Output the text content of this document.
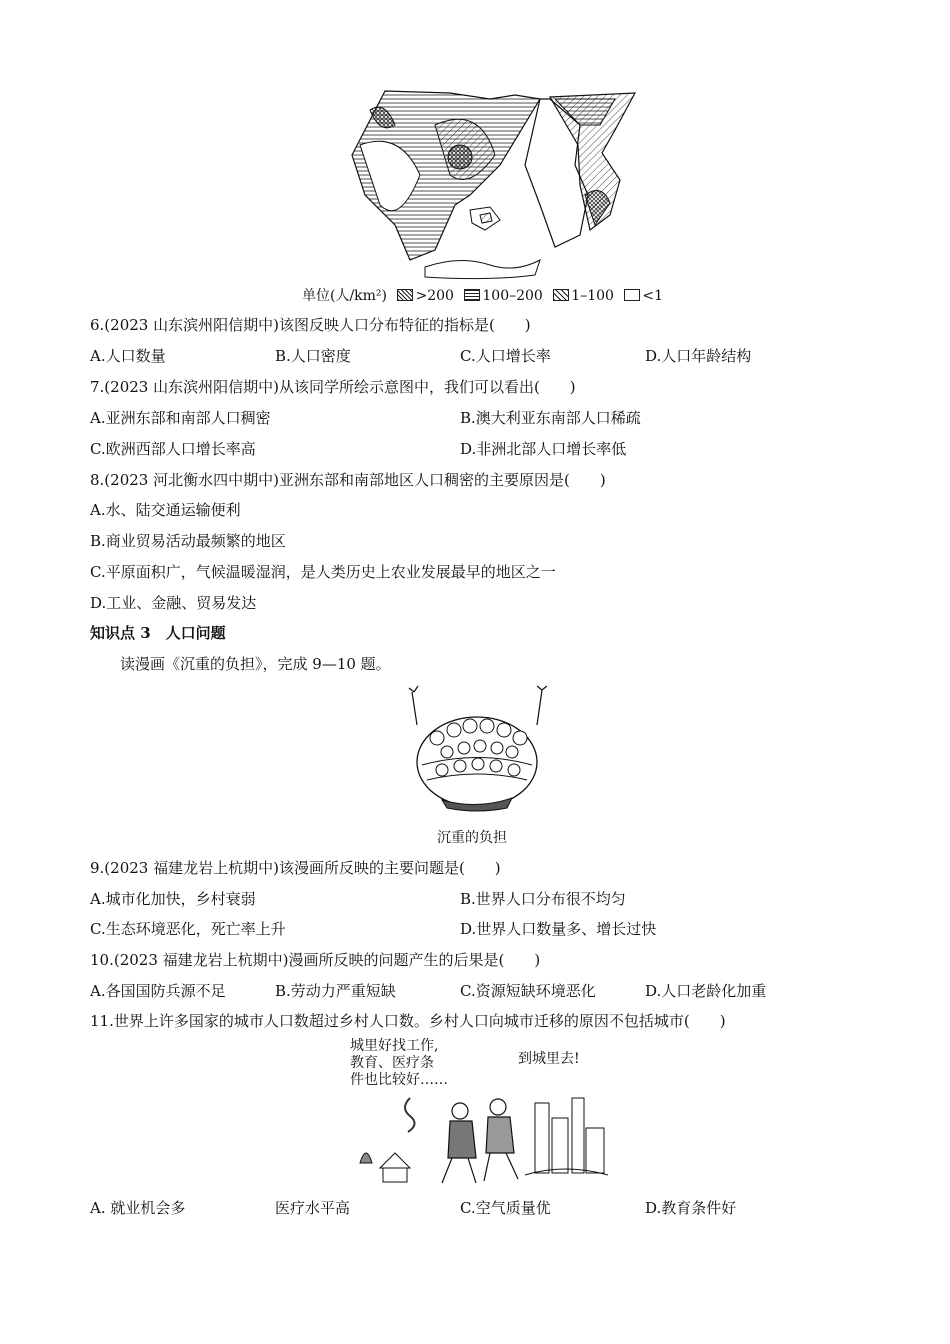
单位(人/km²) >200 100–200 1–100 <1
6.(2023 山东滨州阳信期中)该图反映人口分布特征的指标是(　　)
A.人口数量	B.人口密度	C.人口增长率	D.人口年龄结构
7.(2023 山东滨州阳信期中)从该同学所绘示意图中，我们可以看出(　　)
A.亚洲东部和南部人口稠密	B.澳大利亚东南部人口稀疏
C.欧洲西部人口增长率高	D.非洲北部人口增长率低
8.(2023 河北衡水四中期中)亚洲东部和南部地区人口稠密的主要原因是(　　)
A.水、陆交通运输便利
B.商业贸易活动最频繁的地区
C.平原面积广，气候温暖湿润，是人类历史上农业发展最早的地区之一
D.工业、金融、贸易发达
知识点 3　人口问题
读漫画《沉重的负担》，完成 9—10 题。
沉重的负担
9.(2023 福建龙岩上杭期中)该漫画所反映的主要问题是(　　)
A.城市化加快，乡村衰弱	B.世界人口分布很不均匀
C.生态环境恶化，死亡率上升	D.世界人口数量多、增长过快
10.(2023 福建龙岩上杭期中)漫画所反映的问题产生的后果是(　　)
A.各国国防兵源不足	B.劳动力严重短缺	C.资源短缺环境恶化	D.人口老龄化加重
11.世界上许多国家的城市人口数超过乡村人口数。乡村人口向城市迁移的原因不包括城市(　　)
城里好找工作,
教育、医疗条
件也比较好……
到城里去!
A. 就业机会多	医疗水平高	C.空气质量优	D.教育条件好
